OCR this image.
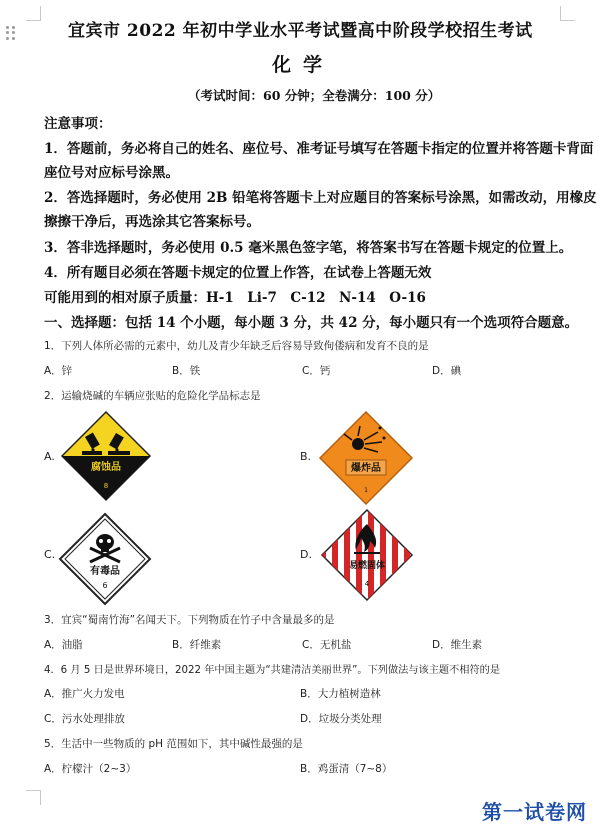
宜宾市 2022 年初中学业水平考试暨高中阶段学校招生考试
化学
（考试时间：60 分钟；全卷满分：100 分）
注意事项：
1．答题前，务必将自己的姓名、座位号、准考证号填写在答题卡指定的位置并将答题卡背面
座位号对应标号涂黑。
2．答选择题时，务必使用 2B 铅笔将答题卡上对应题目的答案标号涂黑，如需改动，用橡皮
擦擦干净后，再选涂其它答案标号。
3．答非选择题时，务必使用 0.5 毫米黑色签字笔，将答案书写在答题卡规定的位置上。
4．所有题目必须在答题卡规定的位置上作答，在试卷上答题无效
可能用到的相对原子质量：H-1　Li-7　C-12　N-14　O-16
一、选择题：包括 14 个小题，每小题 3 分，共 42 分，每小题只有一个选项符合题意。
1．下列人体所必需的元素中，幼儿及青少年缺乏后容易导致佝偻病和发育不良的是
A．锌	B．铁	C．钙	D．碘
2．运输烧碱的车辆应张贴的危险化学品标志是
A.	B.
C.	D.
腐蚀品
8
爆炸品
1
有毒品
6
易燃固体
4
3．宜宾“蜀南竹海”名闻天下。下列物质在竹子中含量最多的是
A．油脂	B．纤维素	C．无机盐	D．维生素
4．6 月 5 日是世界环境日，2022 年中国主题为“共建清洁美丽世界”。下列做法与该主题不相符的是
A．推广火力发电	B．大力植树造林
C．污水处理排放	D．垃圾分类处理
5．生活中一些物质的 pH 范围如下，其中碱性最强的是
A．柠檬汁（2~3）	B．鸡蛋清（7~8）
第一试卷网
